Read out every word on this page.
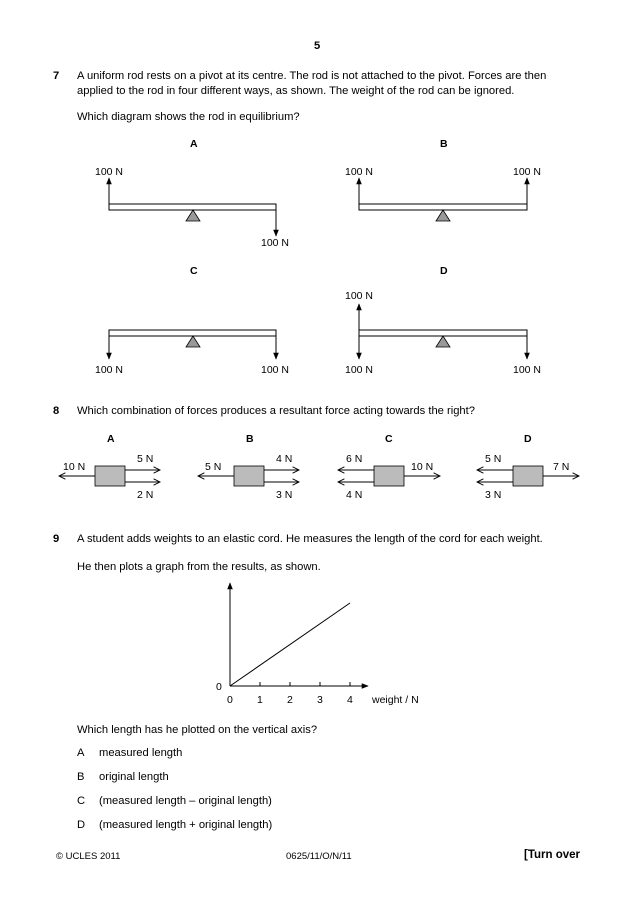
5
7 A uniform rod rests on a pivot at its centre. The rod is not attached to the pivot. Forces are then
applied to the rod in four different ways, as shown. The weight of the rod can be ignored.
Which diagram shows the rod in equilibrium?
A	B
C	D
100 N
100 N
100 N	100 N
100 N	100 N
100 N
100 N	100 N
8 Which combination of forces produces a resultant force acting towards the right?
A	B	C	D
10 N
5 N
2 N
5 N
4 N
3 N
6 N
4 N
10 N
5 N
3 N
7 N
9 A student adds weights to an elastic cord. He measures the length of the cord for each weight.
He then plots a graph from the results, as shown.
0 1 2 3 4
0
weight / N
Which length has he plotted on the vertical axis?
A measured length
B original length
C (measured length – original length)
D (measured length + original length)
© UCLES 2011	0625/11/O/N/11	[Turn over
